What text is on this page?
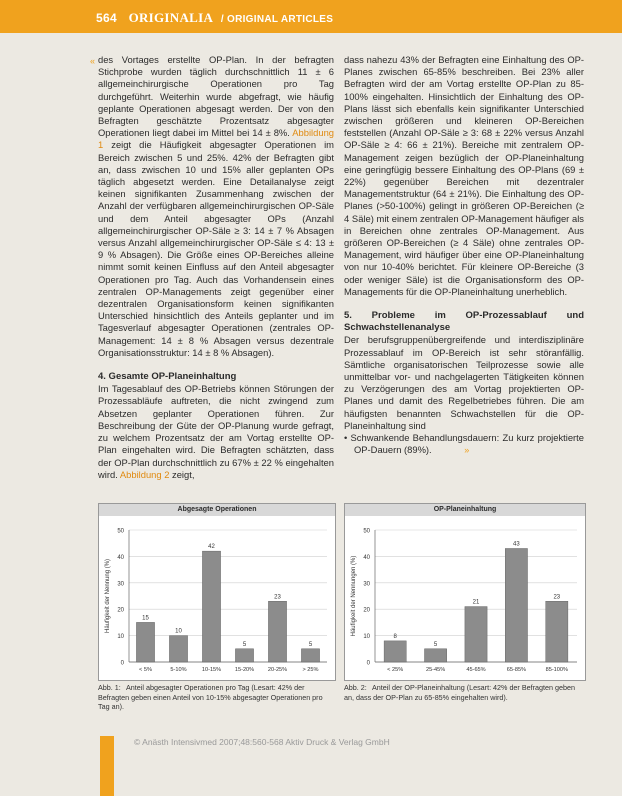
564 ORIGINALIA / ORIGINAL ARTICLES
« des Vortages erstellte OP-Plan. In der befragten Stichprobe wurden täglich durchschnittlich 11 ± 6 allgemeinchirurgische Operationen pro Tag durchgeführt. Weiterhin wurde abgefragt, wie häufig geplante Operationen abgesagt werden. Der von den Befragten geschätzte Prozentsatz abgesagter Operationen liegt dabei im Mittel bei 14 ± 8%. Abbildung 1 zeigt die Häufigkeit abgesagter Operationen im Bereich zwischen 5 und 25%. 42% der Befragten gibt an, dass zwischen 10 und 15% aller geplanten OPs täglich abgesetzt werden. Eine Detailanalyse zeigt keinen signifikanten Zusammenhang zwischen der Anzahl der verfügbaren allgemeinchirurgischen OP-Säle und dem Anteil abgesagter OPs (Anzahl allgemeinchirurgischer OP-Säle ≥ 3: 14 ± 7 % Absagen versus Anzahl allgemeinchirurgischer OP-Säle ≤ 4: 13 ± 9 % Absagen). Die Größe eines OP-Bereiches alleine nimmt somit keinen Einfluss auf den Anteil abgesagter Operationen pro Tag. Auch das Vorhandensein eines zentralen OP-Managements zeigt gegenüber einer dezentralen Organisationsform keinen signifikanten Unterschied hinsichtlich des Anteils geplanter und im Tagesverlauf abgesagter Operationen (zentrales OP-Management: 14 ± 8 % Absagen versus dezentrale Organisationsstruktur: 14 ± 8 % Absagen).

4. Gesamte OP-Planeinhaltung

Im Tagesablauf des OP-Betriebs können Störungen der Prozessabläufe auftreten, die nicht zwingend zum Absetzen geplanter Operationen führen. Zur Beschreibung der Güte der OP-Planung wurde gefragt, zu welchem Prozentsatz der am Vortag erstellte OP-Plan eingehalten wird. Die Befragten schätzten, dass der OP-Plan durchschnittlich zu 67% ± 22 % eingehalten wird. Abbildung 2 zeigt,

dass nahezu 43% der Befragten eine Einhaltung des OP-Planes zwischen 65-85% beschreiben. Bei 23% aller Befragten wird der am Vortag erstellte OP-Plan zu 85-100% eingehalten. Hinsichtlich der Einhaltung des OP-Plans lässt sich ebenfalls kein signifikanter Unterschied zwischen größeren und kleineren OP-Bereichen feststellen (Anzahl OP-Säle ≥ 3: 68 ± 22% versus Anzahl OP-Säle ≥ 4: 66 ± 21%). Bereiche mit zentralem OP-Management zeigen bezüglich der OP-Planeinhaltung eine geringfügig bessere Einhaltung des OP-Plans (69 ± 22%) gegenüber Bereichen mit dezentraler Managementstruktur (64 ± 21%). Die Einhaltung des OP-Planes (>50-100%) gelingt in größeren OP-Bereichen (≥ 4 Säle) mit einem zentralen OP-Management häufiger als in Bereichen ohne zentrales OP-Management. Aus größeren OP-Bereichen (≥ 4 Säle) ohne zentrales OP-Management, wird häufiger über eine OP-Planeinhaltung von nur 10-40% berichtet. Für kleinere OP-Bereiche (3 oder weniger Säle) ist die Organisationsform des OP-Managements für die OP-Planeinhaltung unerheblich.

5. Probleme im OP-Prozessablauf und Schwachstellenanalyse

Der berufsgruppenübergreifende und interdisziplinäre Prozessablauf im OP-Bereich ist sehr störanfällig. Sämtliche organisatorischen Teilprozesse sowie alle unmittelbar vor- und nachgelagerten Tätigkeiten können zu Verzögerungen des am Vortag projektierten OP-Planes und damit des Regelbetriebes führen. Die am häufigsten benannten Schwachstellen für die OP-Planeinhaltung sind

• Schwankende Behandlungsdauern: Zu kurz projektierte OP-Dauern (89%).	»

Abgesagte Operationen
0
10
20
30
40
50
Häufigkeit der Nennung (%)	15
< 5%
10
5-10%
42
10-15%
5
15-20%
23
20-25%
5
> 25%
OP-Planeinhaltung
0
10
20
30
40
50
Häufigkeit der Nennungen (%)
8
< 25%
5
25-45%
21
45-65%
43
65-85%
23
85-100%
Abb. 1: Anteil abgesagter Operationen pro Tag (Lesart: 42% der Befragten geben einen Anteil von 10-15% abgesagter Operationen pro Tag an).
Abb. 2: Anteil der OP-Planeinhaltung (Lesart: 42% der Befragten geben an, dass der OP-Plan zu 65-85% eingehalten wird).
© Anästh Intensivmed 2007;48:560-568 Aktiv Druck & Verlag GmbH
